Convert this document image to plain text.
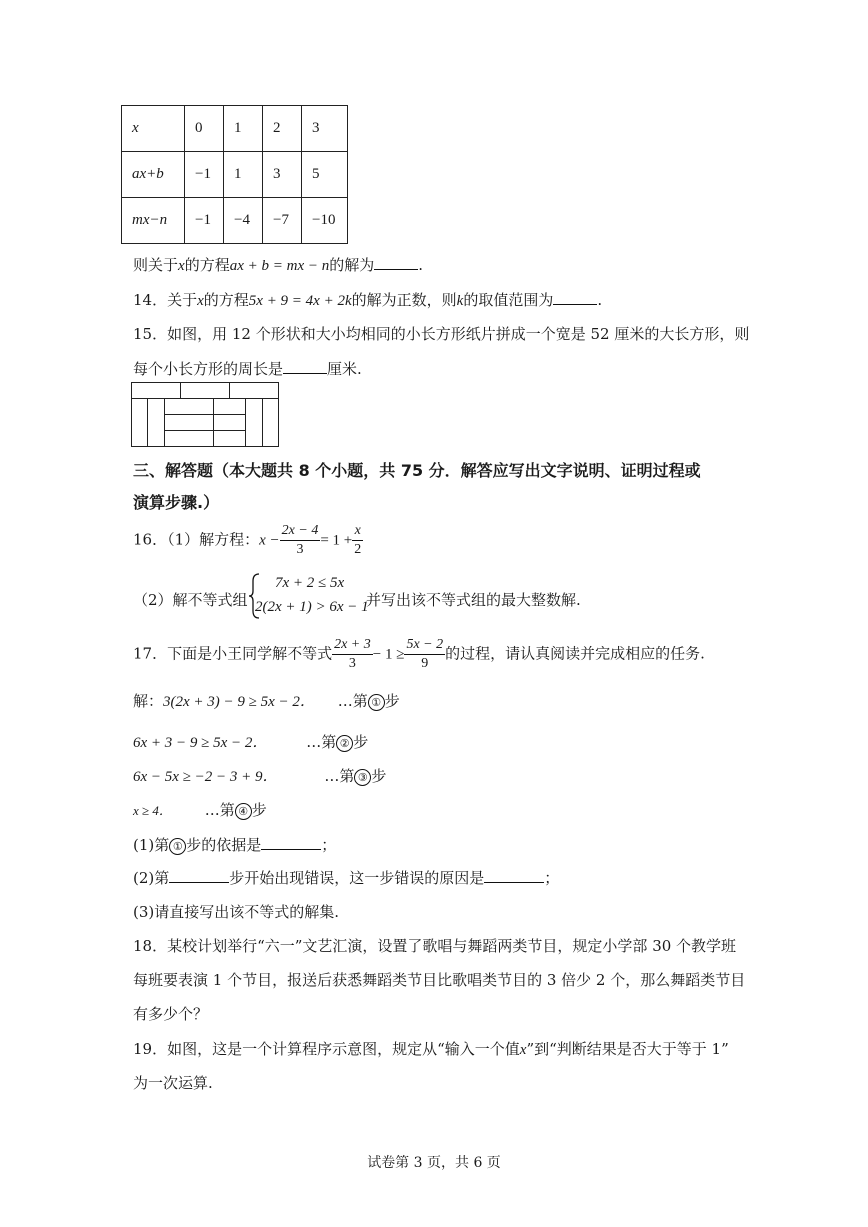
x	0	1	2	3
ax+b	−1	1	3	5
mx−n	−1	−4	−7	−10
则关于x的方程ax + b = mx − n的解为	.
14．关于x的方程5x + 9 = 4x + 2k的解为正数，则k的取值范围为	.
15．如图，用 12 个形状和大小均相同的小长方形纸片拼成一个宽是 52 厘米的大长方形，则
每个小长方形的周长是	厘米.
三、解答题（本大题共 8 个小题，共 75 分．解答应写出文字说明、证明过程或
演算步骤.）
16．（1）解方程：$x - \frac{2x - 4}{3} = 1 + \frac{x}{2}$
（2）解不等式组
7x + 2 ≤ 5x
2(2x + 1) > 6x − 1
并写出该不等式组的最大整数解.
17．下面是小王同学解不等式 $\frac{2x + 3}{3} - 1 \ge \frac{5x - 2}{9}$ 的过程，请认真阅读并完成相应的任务.
解：3(2x + 3) − 9 ≥ 5x − 2． …第 ① 步
6x + 3 − 9 ≥ 5x − 2．	…第 ② 步
6x − 5x ≥ −2 − 3 + 9．	…第 ③ 步
x ≥ 4． …第 ④ 步
(1)第 ① 步的依据是	；
(2)第	步开始出现错误，这一步错误的原因是	；
(3)请直接写出该不等式的解集.
18．某校计划举行“六一”文艺汇演，设置了歌唱与舞蹈两类节目，规定小学部 30 个教学班
每班要表演 1 个节目，报送后获悉舞蹈类节目比歌唱类节目的 3 倍少 2 个，那么舞蹈类节目
有多少个？
19．如图，这是一个计算程序示意图，规定从“输入一个值x”到“判断结果是否大于等于 1”
为一次运算.
试卷第 3 页，共 6 页
